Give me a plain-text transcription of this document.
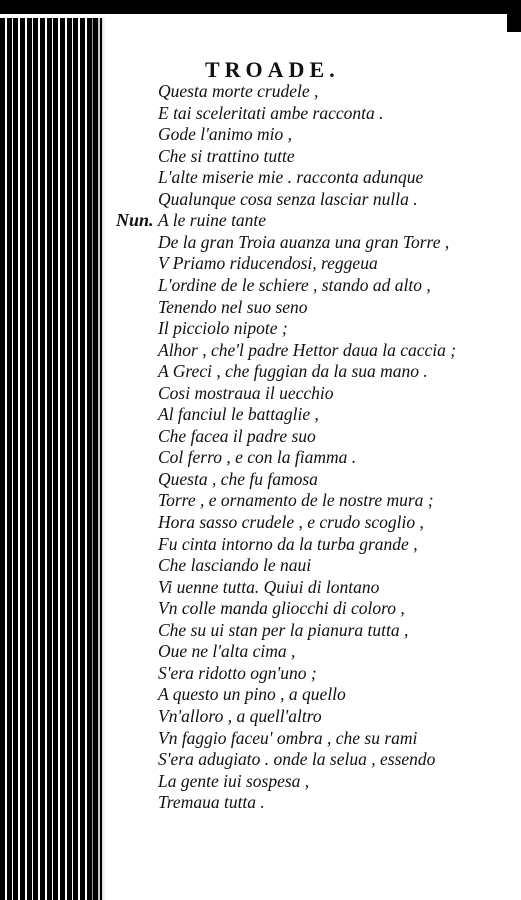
TROADE.
Questa morte crudele ,
E tai sceleritati ambe racconta .
Gode l'animo mio ,
Che si trattino tutte
L'alte miserie mie . racconta adunque
Qualunque cosa senza lasciar nulla .
A le ruine tante
Nun.
De la gran Troia auanza una gran Torre ,
V Priamo riducendosi, reggeua
L'ordine de le schiere , stando ad alto ,
Tenendo nel suo seno
Il picciolo nipote ;
Alhor , che'l padre Hettor daua la caccia ;
A Greci , che fuggian da la sua mano .
Cosi mostraua il uecchio
Al fanciul le battaglie ,
Che facea il padre suo
Col ferro , e con la fiamma .
Questa , che fu famosa
Torre , e ornamento de le nostre mura ;
Hora sasso crudele , e crudo scoglio ,
Fu cinta intorno da la turba grande ,
Che lasciando le naui
Vi uenne tutta. Quiui di lontano
Vn colle manda gliocchi di coloro ,
Che su ui stan per la pianura tutta ,
Oue ne l'alta cima ,
S'era ridotto ogn'uno ;
A questo un pino , a quello
Vn'alloro , a quell'altro
Vn faggio faceu' ombra , che su rami
S'era adugiato . onde la selua , essendo
La gente iui sospesa ,
Tremaua tutta .
